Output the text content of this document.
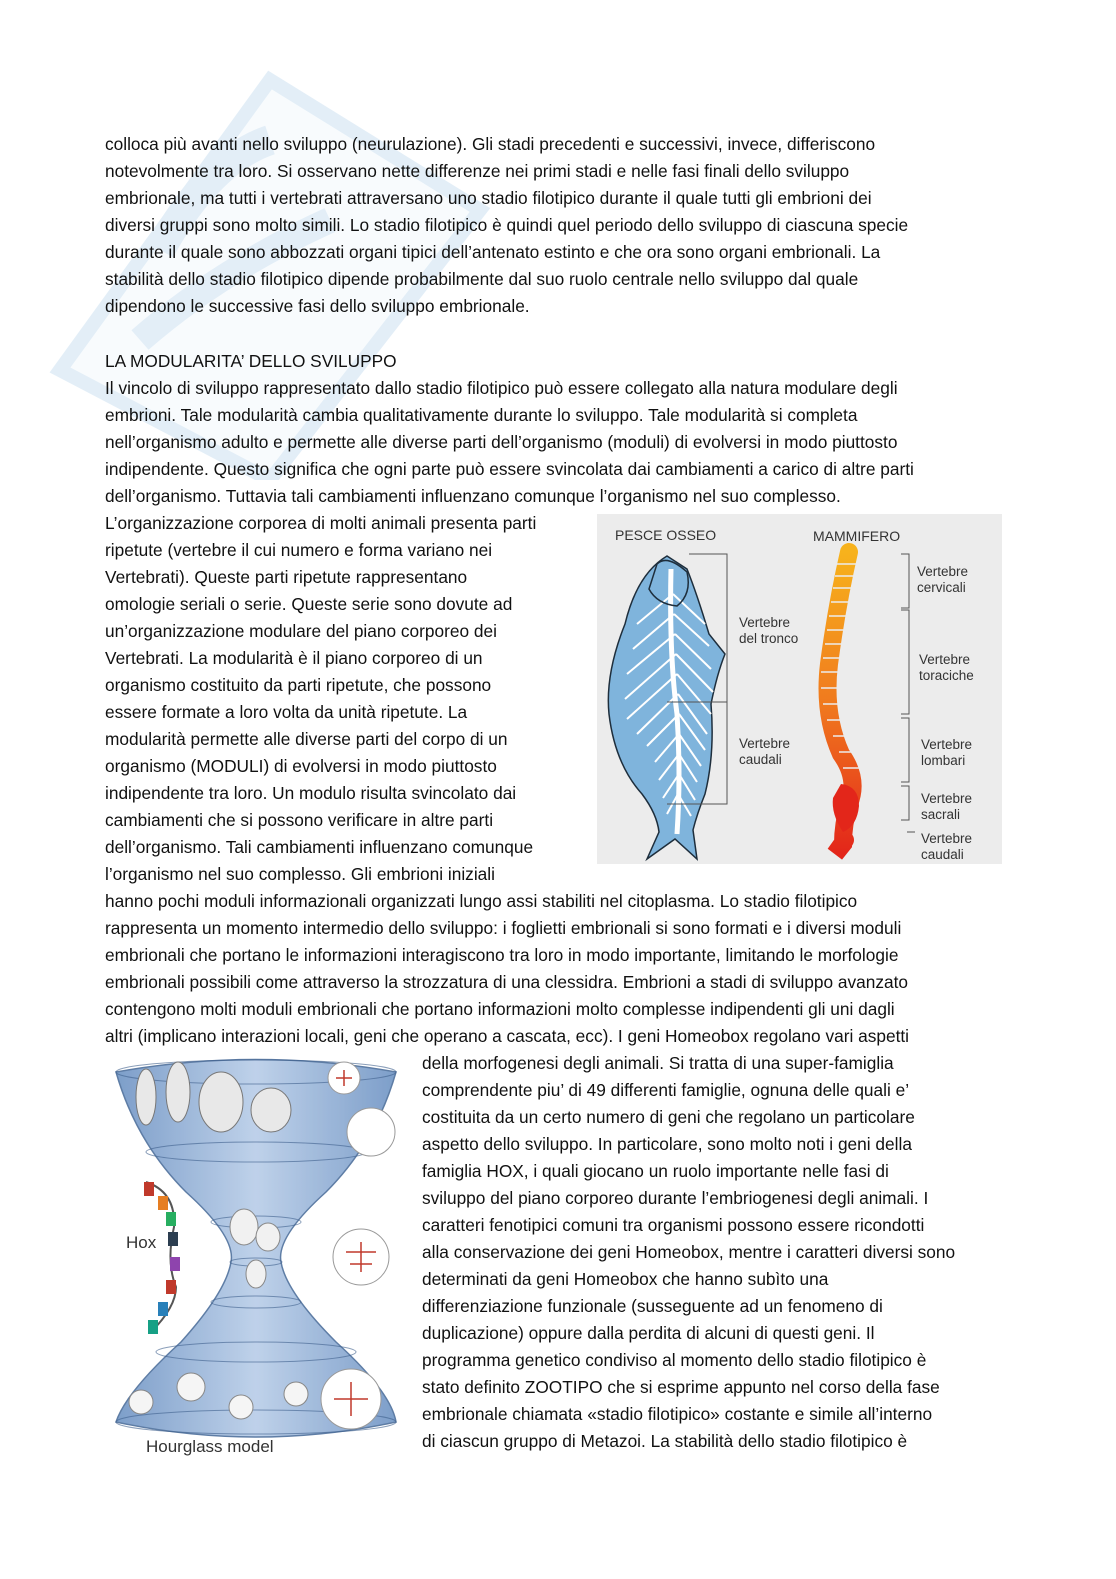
colloca più avanti nello sviluppo (neurulazione). Gli stadi precedenti e successivi, invece, differiscono
notevolmente tra loro. Si osservano nette differenze nei primi stadi e nelle fasi finali dello sviluppo
embrionale, ma tutti i vertebrati attraversano uno stadio filotipico durante il quale tutti gli embrioni dei
diversi gruppi sono molto simili. Lo stadio filotipico è quindi quel periodo dello sviluppo di ciascuna specie
durante il quale sono abbozzati organi tipici dell’antenato estinto e che ora sono organi embrionali. La
stabilità dello stadio filotipico dipende probabilmente dal suo ruolo centrale nello sviluppo dal quale
dipendono le successive fasi dello sviluppo embrionale.
LA MODULARITA’ DELLO SVILUPPO
Il vincolo di sviluppo rappresentato dallo stadio filotipico può essere collegato alla natura modulare degli
embrioni. Tale modularità cambia qualitativamente durante lo sviluppo. Tale modularità si completa
nell’organismo adulto e permette alle diverse parti dell’organismo (moduli) di evolversi in modo piuttosto
indipendente. Questo significa che ogni parte può essere svincolata dai cambiamenti a carico di altre parti
dell’organismo. Tuttavia tali cambiamenti influenzano comunque l’organismo nel suo complesso.
L’organizzazione corporea di molti animali presenta parti
ripetute (vertebre il cui numero e forma variano nei
Vertebrati). Queste parti ripetute rappresentano
omologie seriali o serie. Queste serie sono dovute ad
un’organizzazione modulare del piano corporeo dei
Vertebrati. La modularità è il piano corporeo di un
organismo costituito da parti ripetute, che possono
essere formate a loro volta da unità ripetute. La
modularità permette alle diverse parti del corpo di un
organismo (MODULI) di evolversi in modo piuttosto
indipendente tra loro. Un modulo risulta svincolato dai
cambiamenti che si possono verificare in altre parti
dell’organismo. Tali cambiamenti influenzano comunque
l’organismo nel suo complesso. Gli embrioni iniziali
hanno pochi moduli informazionali organizzati lungo assi stabiliti nel citoplasma. Lo stadio filotipico
rappresenta un momento intermedio dello sviluppo: i foglietti embrionali si sono formati e i diversi moduli
embrionali che portano le informazioni interagiscono tra loro in modo importante, limitando le morfologie
embrionali possibili come attraverso la strozzatura di una clessidra. Embrioni a stadi di sviluppo avanzato
contengono molti moduli embrionali che portano informazioni molto complesse indipendenti gli uni dagli
altri (implicano interazioni locali, geni che operano a cascata, ecc). I geni Homeobox regolano vari aspetti
della morfogenesi degli animali. Si tratta di una super-famiglia
comprendente piu’ di 49 differenti famiglie, ognuna delle quali e’
costituita da un certo numero di geni che regolano un particolare
aspetto dello sviluppo. In particolare, sono molto noti i geni della
famiglia HOX, i quali giocano un ruolo importante nelle fasi di
sviluppo del piano corporeo durante l’embriogenesi degli animali. I
caratteri fenotipici comuni tra organismi possono essere ricondotti
alla conservazione dei geni Homeobox, mentre i caratteri diversi sono
determinati da geni Homeobox che hanno subìto una
differenziazione funzionale (susseguente ad un fenomeno di
duplicazione) oppure dalla perdita di alcuni di questi geni. Il
programma genetico condiviso al momento dello stadio filotipico è
stato definito ZOOTIPO che si esprime appunto nel corso della fase
embrionale chiamata «stadio filotipico» costante e simile all’interno
di ciascun gruppo di Metazoi. La stabilità dello stadio filotipico è
PESCE OSSEO	MAMMIFERO
Vertebre
del tronco
Vertebre
caudali
Vertebre
cervicali
Vertebre
toraciche
Vertebre
lombari
Vertebre
sacrali
Vertebre
caudali
Hox
Hourglass model
